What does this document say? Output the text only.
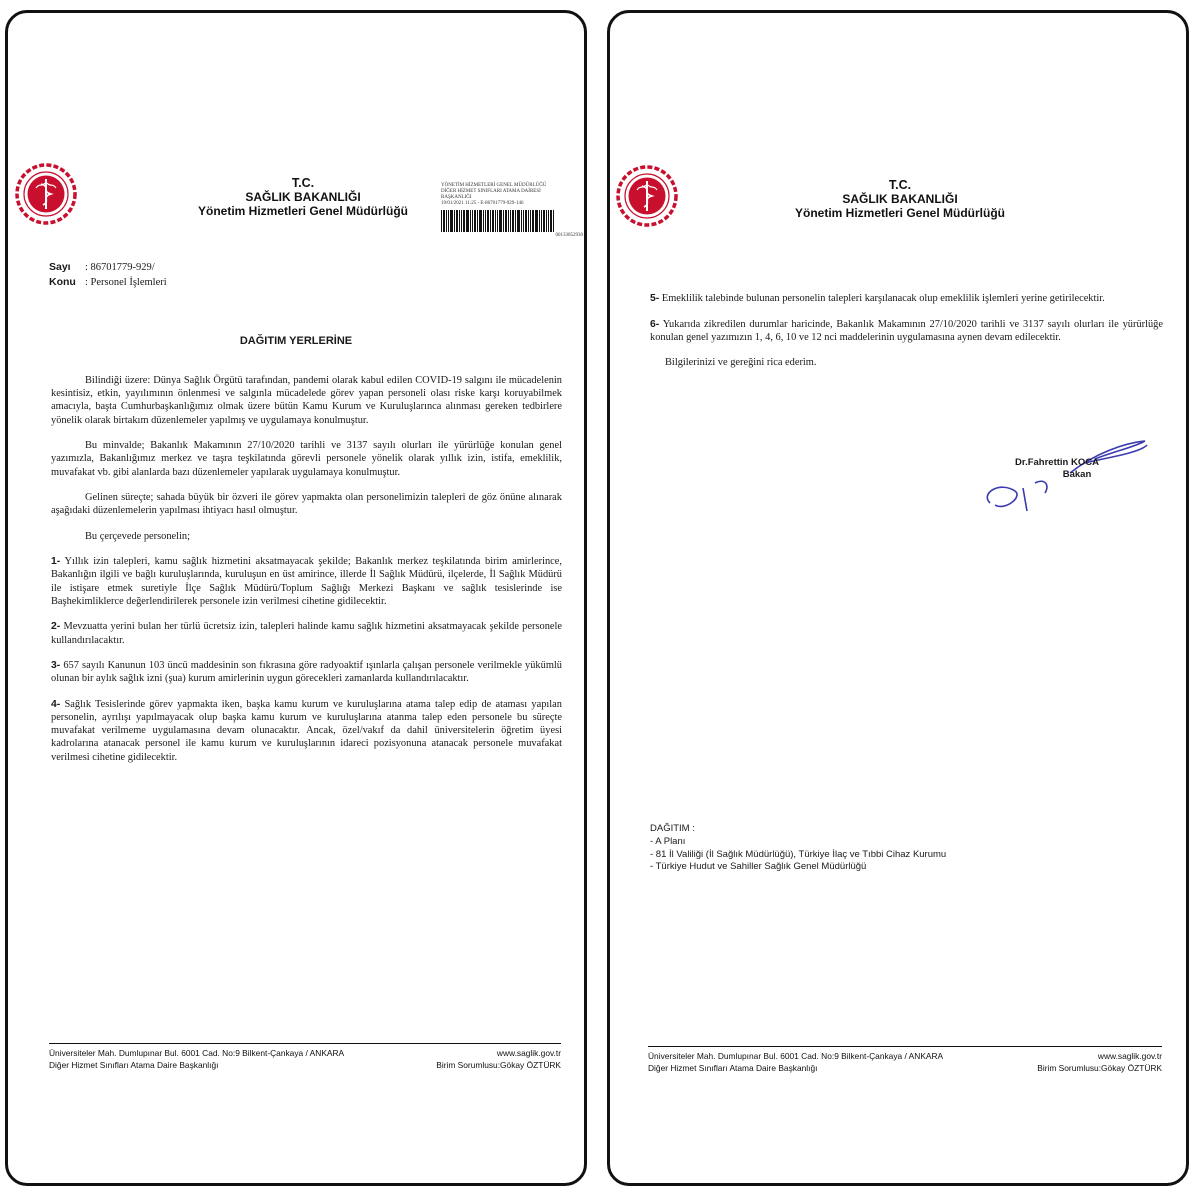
T.C.
SAĞLIK BAKANLIĞI
Yönetim Hizmetleri Genel Müdürlüğü
YÖNETİM HİZMETLERİ GENEL MÜDÜRLÜĞÜ
DİĞER HİZMET SINIFLARI ATAMA DAİRESİ
BAŞKANLIĞI
19/01/2021 11:25 - E-86701779-929-146
00133052930
Sayı : 86701779-929/
Konu : Personel İşlemleri
DAĞITIM YERLERİNE

Bilindiği üzere: Dünya Sağlık Örgütü tarafından, pandemi olarak kabul edilen COVID-19 salgını ile mücadelenin kesintisiz, etkin, yayılımının önlenmesi ve salgınla mücadelede görev yapan personeli olası riske karşı koruyabilmek amacıyla, başta Cumhurbaşkanlığımız olmak üzere bütün Kamu Kurum ve Kuruluşlarınca alınması gereken tedbirlere yönelik olarak birtakım düzenlemeler yapılmış ve uygulamaya konulmuştur.

Bu minvalde; Bakanlık Makamının 27/10/2020 tarihli ve 3137 sayılı olurları ile yürürlüğe konulan genel yazımızla, Bakanlığımız merkez ve taşra teşkilatında görevli personele yönelik olarak yıllık izin, istifa, emeklilik, muvafakat vb. gibi alanlarda bazı düzenlemeler yapılarak uygulamaya konulmuştur.

Gelinen süreçte; sahada büyük bir özveri ile görev yapmakta olan personelimizin talepleri de göz önüne alınarak aşağıdaki düzenlemelerin yapılması ihtiyacı hasıl olmuştur.

Bu çerçevede personelin;

1- Yıllık izin talepleri, kamu sağlık hizmetini aksatmayacak şekilde; Bakanlık merkez teşkilatında birim amirlerince, Bakanlığın ilgili ve bağlı kuruluşlarında, kuruluşun en üst amirince, illerde İl Sağlık Müdürü, ilçelerde, İl Sağlık Müdürü ile istişare etmek suretiyle İlçe Sağlık Müdürü/Toplum Sağlığı Merkezi Başkanı ve sağlık tesislerinde ise Başhekimliklerce değerlendirilerek personele izin verilmesi cihetine gidilecektir.

2- Mevzuatta yerini bulan her türlü ücretsiz izin, talepleri halinde kamu sağlık hizmetini aksatmayacak şekilde personele kullandırılacaktır.

3- 657 sayılı Kanunun 103 üncü maddesinin son fıkrasına göre radyoaktif ışınlarla çalışan personele verilmekle yükümlü olunan bir aylık sağlık izni (şua) kurum amirlerinin uygun görecekleri zamanlarda kullandırılacaktır.

4- Sağlık Tesislerinde görev yapmakta iken, başka kamu kurum ve kuruluşlarına atama talep edip de ataması yapılan personelin, ayrılışı yapılmayacak olup başka kamu kurum ve kuruluşlarına atanma talep eden personele bu süreçte muvafakat verilmeme uygulamasına devam olunacaktır. Ancak, özel/vakıf da dahil üniversitelerin öğretim üyesi kadrolarına atanacak personel ile kamu kurum ve kuruluşlarının idareci pozisyonuna atanacak personele muvafakat verilmesi cihetine gidilecektir.

Üniversiteler Mah. Dumlupınar Bul. 6001 Cad. No:9 Bilkent-Çankaya / ANKARA	www.saglik.gov.tr
Diğer Hizmet Sınıfları Atama Daire Başkanlığı	Birim Sorumlusu:Gökay ÖZTÜRK
T.C.
SAĞLIK BAKANLIĞI
Yönetim Hizmetleri Genel Müdürlüğü

5- Emeklilik talebinde bulunan personelin talepleri karşılanacak olup emeklilik işlemleri yerine getirilecektir.

6- Yukarıda zikredilen durumlar haricinde, Bakanlık Makamının 27/10/2020 tarihli ve 3137 sayılı olurları ile yürürlüğe konulan genel yazımızın 1, 4, 6, 10 ve 12 nci maddelerinin uygulamasına aynen devam edilecektir.

Bilgilerinizi ve gereğini rica ederim.

Dr.Fahrettin KOCA
Bakan
DAĞITIM :
- A Planı
- 81 İl Valiliği (İl Sağlık Müdürlüğü), Türkiye İlaç ve Tıbbi Cihaz Kurumu
- Türkiye Hudut ve Sahiller Sağlık Genel Müdürlüğü
Üniversiteler Mah. Dumlupınar Bul. 6001 Cad. No:9 Bilkent-Çankaya / ANKARA	www.saglik.gov.tr
Diğer Hizmet Sınıfları Atama Daire Başkanlığı	Birim Sorumlusu:Gökay ÖZTÜRK
